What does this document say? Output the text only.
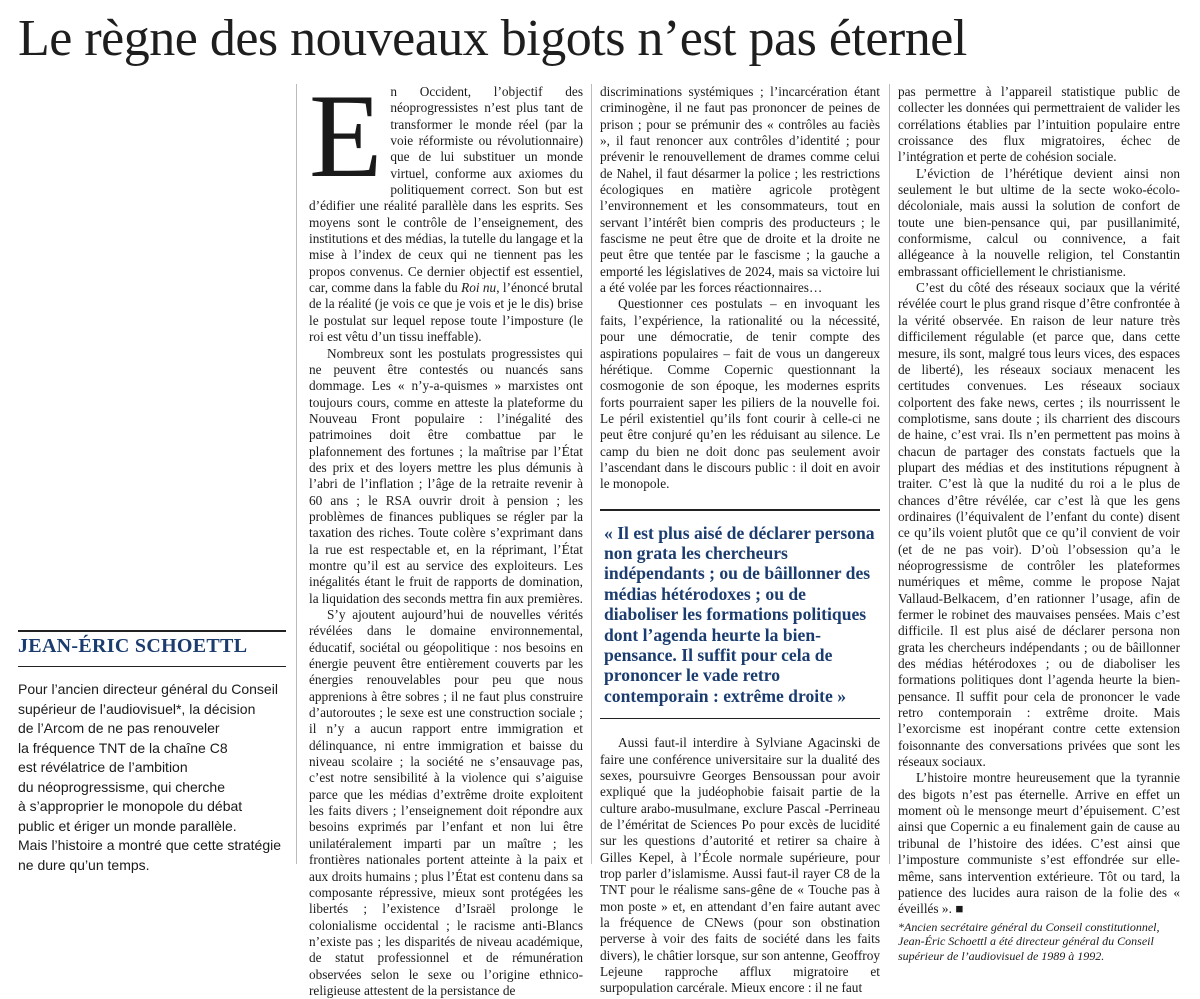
Le règne des nouveaux bigots n’est pas éternel
JEAN-ÉRIC SCHOETTL
Pour l’ancien directeur général du Conseil
supérieur de l’audiovisuel*, la décision
de l’Arcom de ne pas renouveler
la fréquence TNT de la chaîne C8
est révélatrice de l’ambition
du néoprogressisme, qui cherche
à s’approprier le monopole du débat
public et ériger un monde parallèle.
Mais l’histoire a montré que cette stratégie
ne dure qu’un temps.
E n Occident, l’objectif des néoprogressistes n’est plus tant de transformer le monde réel (par la voie réformiste ou révolutionnaire) que de lui substituer un monde virtuel, conforme aux axiomes du politiquement correct. Son but est d’édifier une réalité parallèle dans les esprits. Ses moyens sont le contrôle de l’enseignement, des institutions et des médias, la tutelle du langage et la mise à l’index de ceux qui ne tiennent pas les propos convenus. Ce dernier objectif est essentiel, car, comme dans la fable du Roi nu, l’énoncé brutal de la réalité (je vois ce que je vois et je le dis) brise le postulat sur lequel repose toute l’imposture (le roi est vêtu d’un tissu ineffable).

Nombreux sont les postulats progressistes qui ne peuvent être contestés ou nuancés sans dommage. Les « n’y-a-quismes » marxistes ont toujours cours, comme en atteste la plateforme du Nouveau Front populaire : l’inégalité des patrimoines doit être combattue par le plafonnement des fortunes ; la maîtrise par l’État des prix et des loyers mettre les plus démunis à l’abri de l’inflation ; l’âge de la retraite revenir à 60 ans ; le RSA ouvrir droit à pension ; les problèmes de finances publiques se régler par la taxation des riches. Toute colère s’exprimant dans la rue est respectable et, en la réprimant, l’État montre qu’il est au service des exploiteurs. Les inégalités étant le fruit de rapports de domination, la liquidation des seconds mettra fin aux premières.

S’y ajoutent aujourd’hui de nouvelles vérités révélées dans le domaine environnemental, éducatif, sociétal ou géopolitique : nos besoins en énergie peuvent être entièrement couverts par les énergies renouvelables pour peu que nous apprenions à être sobres ; il ne faut plus construire d’autoroutes ; le sexe est une construction sociale ; il n’y a aucun rapport entre immigration et délinquance, ni entre immigration et baisse du niveau scolaire ; la société ne s’ensauvage pas, c’est notre sensibilité à la violence qui s’aiguise parce que les médias d’extrême droite exploitent les faits divers ; l’enseignement doit répondre aux besoins exprimés par l’enfant et non lui être unilatéralement imparti par un maître ; les frontières nationales portent atteinte à la paix et aux droits humains ; plus l’État est contenu dans sa composante répressive, mieux sont protégées les libertés ; l’existence d’Israël prolonge le colonialisme occidental ; le racisme anti-Blancs n’existe pas ; les disparités de niveau académique, de statut professionnel et de rémunération observées selon le sexe ou l’origine ethnico-religieuse attestent de la persistance de

discriminations systémiques ; l’incarcération étant criminogène, il ne faut pas prononcer de peines de prison ; pour se prémunir des « contrôles au faciès », il faut renoncer aux contrôles d’identité ; pour prévenir le renouvellement de drames comme celui de Nahel, il faut désarmer la police ; les restrictions écologiques en matière agricole protègent l’environnement et les consommateurs, tout en servant l’intérêt bien compris des producteurs ; le fascisme ne peut être que de droite et la droite ne peut être que tentée par le fascisme ; la gauche a emporté les législatives de 2024, mais sa victoire lui a été volée par les forces réactionnaires…

Questionner ces postulats – en invoquant les faits, l’expérience, la rationalité ou la nécessité, pour une démocratie, de tenir compte des aspirations populaires – fait de vous un dangereux hérétique. Comme Copernic questionnant la cosmogonie de son époque, les modernes esprits forts pourraient saper les piliers de la nouvelle foi. Le péril existentiel qu’ils font courir à celle-ci ne peut être conjuré qu’en les réduisant au silence. Le camp du bien ne doit donc pas seulement avoir l’ascendant dans le discours public : il doit en avoir le monopole.

« Il est plus aisé de déclarer persona non grata les chercheurs indépendants ; ou de bâillonner des médias hétérodoxes ; ou de diaboliser les formations politiques dont l’agenda heurte la bien-pensance. Il suffit pour cela de prononcer le vade retro contemporain : extrême droite »

Aussi faut-il interdire à Sylviane Agacinski de faire une conférence universitaire sur la dualité des sexes, poursuivre Georges Bensoussan pour avoir expliqué que la judéophobie faisait partie de la culture arabo-musulmane, exclure Pascal -Perrineau de l’éméritat de Sciences Po pour excès de lucidité sur les questions d’autorité et retirer sa chaire à Gilles Kepel, à l’École normale supérieure, pour trop parler d’islamisme. Aussi faut-il rayer C8 de la TNT pour le réalisme sans-gêne de « Touche pas à mon poste » et, en attendant d’en faire autant avec la fréquence de CNews (pour son obstination perverse à voir des faits de société dans les faits divers), le châtier lorsque, sur son antenne, Geoffroy Lejeune rapproche afflux migratoire et surpopulation carcérale. Mieux encore : il ne faut

pas permettre à l’appareil statistique public de collecter les données qui permettraient de valider les corrélations établies par l’intuition populaire entre croissance des flux migratoires, échec de l’intégration et perte de cohésion sociale.

L’éviction de l’hérétique devient ainsi non seulement le but ultime de la secte woko-écolo-décoloniale, mais aussi la solution de confort de toute une bien-pensance qui, par pusillanimité, conformisme, calcul ou connivence, a fait allégeance à la nouvelle religion, tel Constantin embrassant officiellement le christianisme.

C’est du côté des réseaux sociaux que la vérité révélée court le plus grand risque d’être confrontée à la vérité observée. En raison de leur nature très difficilement régulable (et parce que, dans cette mesure, ils sont, malgré tous leurs vices, des espaces de liberté), les réseaux sociaux menacent les certitudes convenues. Les réseaux sociaux colportent des fake news, certes ; ils nourrissent le complotisme, sans doute ; ils charrient des discours de haine, c’est vrai. Ils n’en permettent pas moins à chacun de partager des constats factuels que la plupart des médias et des institutions répugnent à traiter. C’est là que la nudité du roi a le plus de chances d’être révélée, car c’est là que les gens ordinaires (l’équivalent de l’enfant du conte) disent ce qu’ils voient plutôt que ce qu’il convient de voir (et de ne pas voir). D’où l’obsession qu’a le néoprogressisme de contrôler les plateformes numériques et même, comme le propose Najat Vallaud-Belkacem, d’en rationner l’usage, afin de fermer le robinet des mauvaises pensées. Mais c’est difficile. Il est plus aisé de déclarer persona non grata les chercheurs indépendants ; ou de bâillonner des médias hétérodoxes ; ou de diaboliser les formations politiques dont l’agenda heurte la bien-pensance. Il suffit pour cela de prononcer le vade retro contemporain : extrême droite. Mais l’exorcisme est inopérant contre cette extension foisonnante des conversations privées que sont les réseaux sociaux.

L’histoire montre heureusement que la tyrannie des bigots n’est pas éternelle. Arrive en effet un moment où le mensonge meurt d’épuisement. C’est ainsi que Copernic a eu finalement gain de cause au tribunal de l’histoire des idées. C’est ainsi que l’imposture communiste s’est effondrée sur elle-même, sans intervention extérieure. Tôt ou tard, la patience des lucides aura raison de la folie des « éveillés ». ■

*Ancien secrétaire général du Conseil constitutionnel, Jean-Éric Schoettl a été directeur général du Conseil supérieur de l’audiovisuel de 1989 à 1992.
